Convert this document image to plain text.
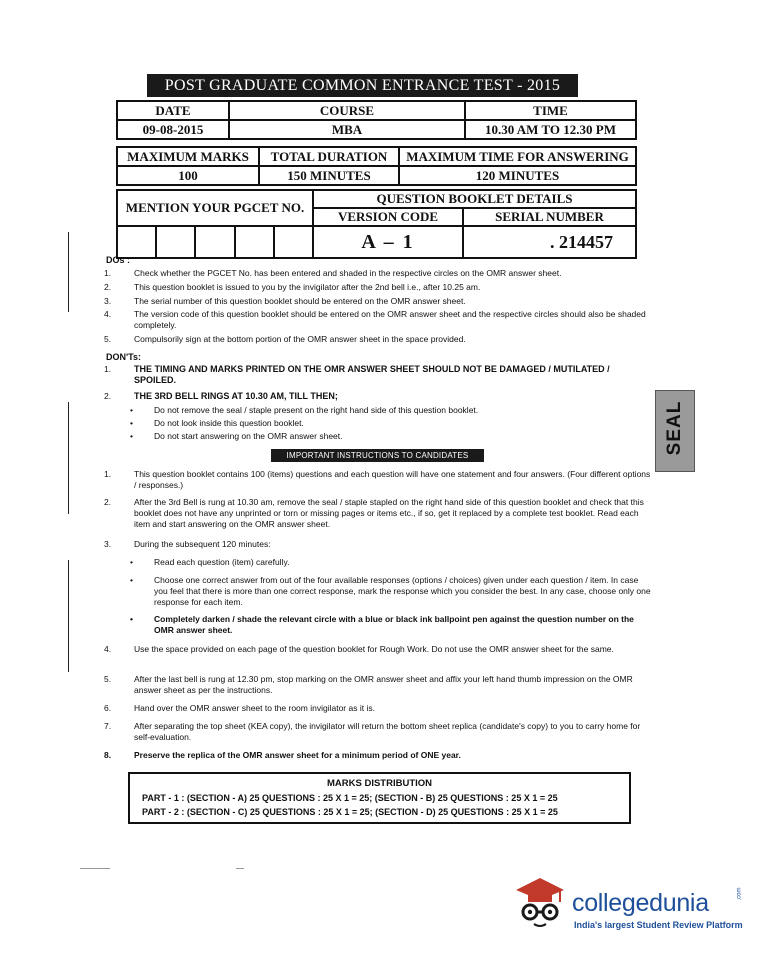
POST GRADUATE COMMON ENTRANCE TEST - 2015
DATE	COURSE	TIME
09-08-2015	MBA	10.30 AM TO 12.30 PM
MAXIMUM MARKS	TOTAL DURATION	MAXIMUM TIME FOR ANSWERING
100	150 MINUTES	120 MINUTES
MENTION YOUR PGCET NO.	QUESTION BOOKLET DETAILS	
	VERSION CODE	SERIAL NUMBER

	A – 1	. 214457
DOs :
1.	Check whether the PGCET No. has been entered and shaded in the respective circles on the OMR answer sheet.
2.	This question booklet is issued to you by the invigilator after the 2nd bell i.e., after 10.25 am.
3.	The serial number of this question booklet should be entered on the OMR answer sheet.
4.	The version code of this question booklet should be entered on the OMR answer sheet and the respective circles should also be shaded completely.
5.	Compulsorily sign at the bottom portion of the OMR answer sheet in the space provided.
DON'Ts:
1.	THE TIMING AND MARKS PRINTED ON THE OMR ANSWER SHEET SHOULD NOT BE DAMAGED / MUTILATED / SPOILED.
2.	THE 3RD BELL RINGS AT 10.30 AM, TILL THEN;
•	Do not remove the seal / staple present on the right hand side of this question booklet.
•	Do not look inside this question booklet.
•	Do not start answering on the OMR answer sheet.	SEAL
IMPORTANT INSTRUCTIONS TO CANDIDATES
1.	This question booklet contains 100 (items) questions and each question will have one statement and four answers. (Four different options / responses.)
2.	After the 3rd Bell is rung at 10.30 am, remove the seal / staple stapled on the right hand side of this question booklet and check that this booklet does not have any unprinted or torn or missing pages or items etc., if so, get it replaced by a complete test booklet. Read each item and start answering on the OMR answer sheet.
3.	During the subsequent 120 minutes:
•	Read each question (item) carefully.
•	Choose one correct answer from out of the four available responses (options / choices) given under each question / item. In case you feel that there is more than one correct response, mark the response which you consider the best. In any case, choose only one response for each item.
•	Completely darken / shade the relevant circle with a blue or black ink ballpoint pen against the question number on the OMR answer sheet.
4.	Use the space provided on each page of the question booklet for Rough Work. Do not use the OMR answer sheet for the same.
5.	After the last bell is rung at 12.30 pm, stop marking on the OMR answer sheet and affix your left hand thumb impression on the OMR answer sheet as per the instructions.
6.	Hand over the OMR answer sheet to the room invigilator as it is.
7.	After separating the top sheet (KEA copy), the invigilator will return the bottom sheet replica (candidate's copy) to you to carry home for self-evaluation.
8.	Preserve the replica of the OMR answer sheet for a minimum period of ONE year.
MARKS DISTRIBUTION
PART - 1 : (SECTION - A) 25 QUESTIONS : 25 X 1 = 25; (SECTION - B) 25 QUESTIONS : 25 X 1 = 25
PART - 2 : (SECTION - C) 25 QUESTIONS : 25 X 1 = 25; (SECTION - D) 25 QUESTIONS : 25 X 1 = 25
collegedunia	.com
India's largest Student Review Platform
